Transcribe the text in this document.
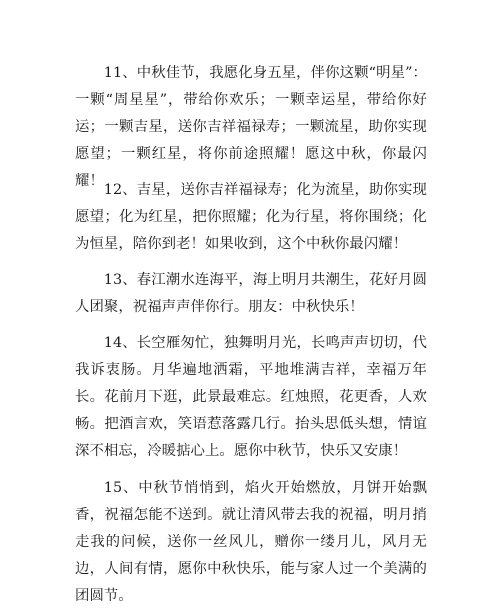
11、中秋佳节，我愿化身五星，伴你这颗“明星”：一颗“周星星”，带给你欢乐；一颗幸运星，带给你好运；一颗吉星，送你吉祥福禄寿；一颗流星，助你实现愿望；一颗红星，将你前途照耀！愿这中秋，你最闪耀！

12、吉星，送你吉祥福禄寿；化为流星，助你实现愿望；化为红星，把你照耀；化为行星，将你围绕；化为恒星，陪你到老！如果收到，这个中秋你最闪耀！

13、春江潮水连海平，海上明月共潮生，花好月圆人团聚，祝福声声伴你行。朋友：中秋快乐！

14、长空雁匆忙，独舞明月光，长鸣声声切切，代我诉衷肠。月华遍地洒霜，平地堆满吉祥，幸福万年长。花前月下逛，此景最难忘。红烛照，花更香，人欢畅。把酒言欢，笑语惹落露几行。抬头思低头想，情谊深不相忘，冷暖掂心上。愿你中秋节，快乐又安康！

15、中秋节悄悄到，焰火开始燃放，月饼开始飘香，祝福怎能不送到。就让清风带去我的祝福，明月捎走我的问候，送你一丝风儿，赠你一缕月儿，风月无边，人间有情，愿你中秋快乐，能与家人过一个美满的团圆节。
